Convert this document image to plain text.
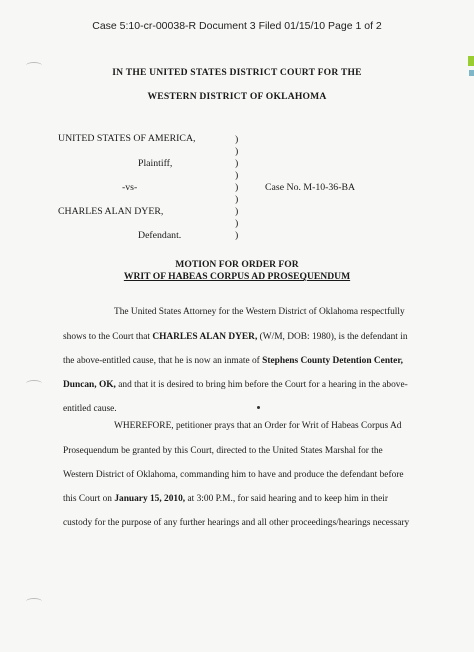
Case 5:10-cr-00038-R Document 3 Filed 01/15/10 Page 1 of 2
IN THE UNITED STATES DISTRICT COURT FOR THE
WESTERN DISTRICT OF OKLAHOMA
UNITED STATES OF AMERICA,
Plaintiff,
-vs-
CHARLES ALAN DYER,
Defendant.
Case No. M-10-36-BA
)
)
)
)
)
)
)
)
)
MOTION FOR ORDER FOR
WRIT OF HABEAS CORPUS AD PROSEQUENDUM
The United States Attorney for the Western District of Oklahoma respectfully
shows to the Court that CHARLES ALAN DYER, (W/M, DOB: 1980), is the defendant in
the above-entitled cause, that he is now an inmate of Stephens County Detention Center,
Duncan, OK, and that it is desired to bring him before the Court for a hearing in the above-
entitled cause.
WHEREFORE, petitioner prays that an Order for Writ of Habeas Corpus Ad
Prosequendum be granted by this Court, directed to the United States Marshal for the
Western District of Oklahoma, commanding him to have and produce the defendant before
this Court on January 15, 2010, at 3:00 P.M., for said hearing and to keep him in their
custody for the purpose of any further hearings and all other proceedings/hearings necessary
